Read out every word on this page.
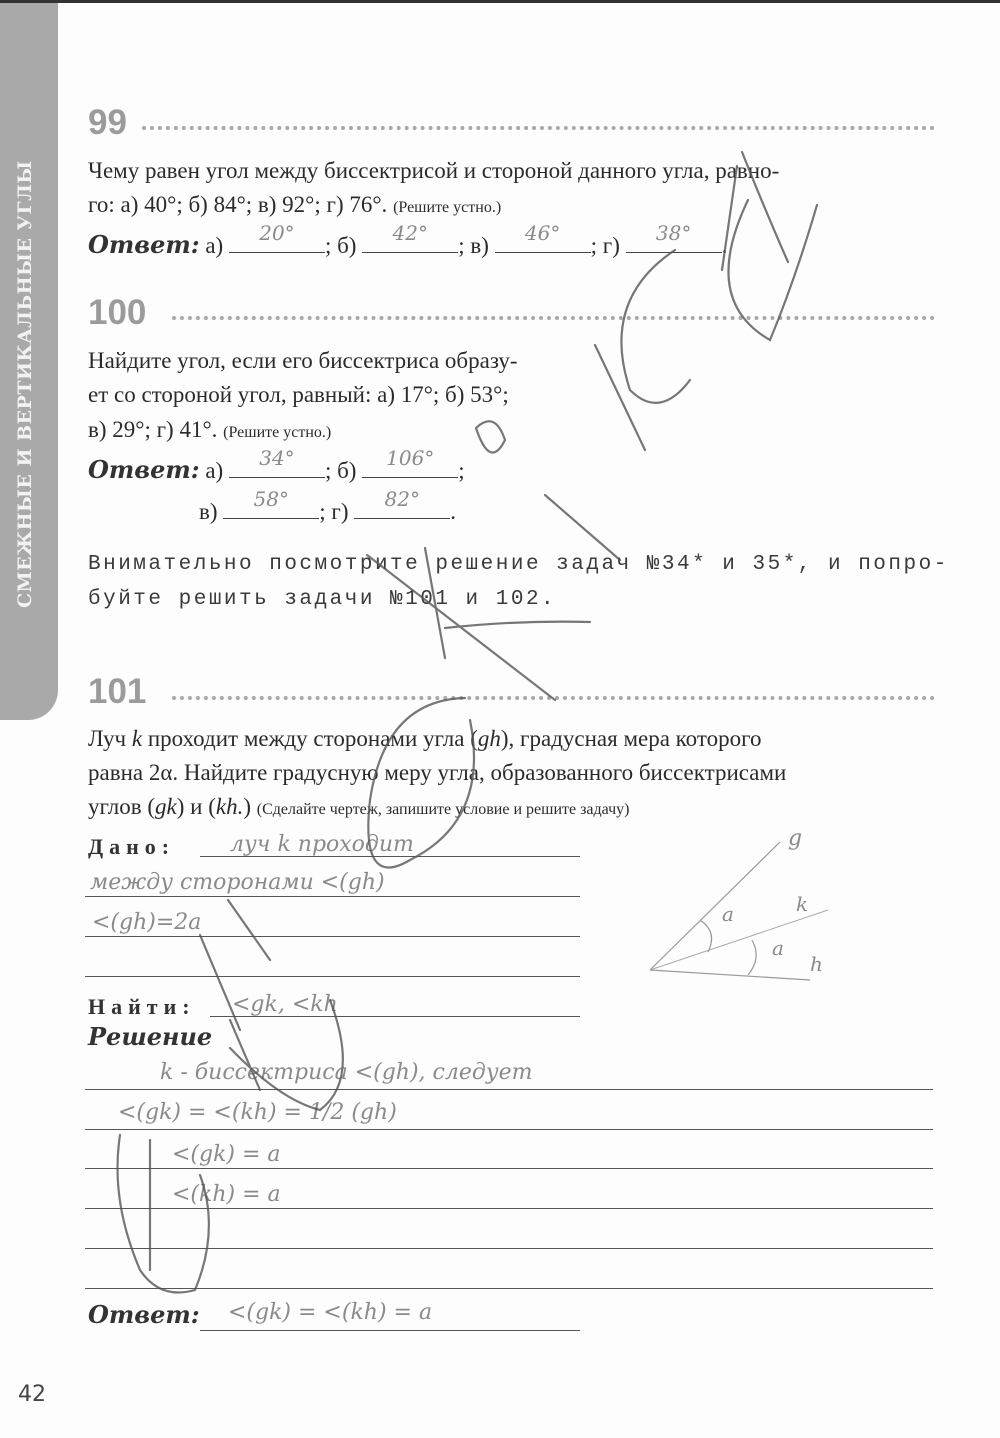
СМЕЖНЫЕ И ВЕРТИКАЛЬНЫЕ УГЛЫ
99
Чему равен угол между биссектрисой и стороной данного угла, равно-
го: а) 40°; б) 84°; в) 92°; г) 76°. (Решите устно.)
Ответ: а)	20°	; б)	42°	; в)	46°	; г)	38°	.
100
Найдите угол, если его биссектриса образу-
ет со стороной угол, равный: а) 17°; б) 53°;
в) 29°; г) 41°. (Решите устно.)
Ответ: а)	34°	; б)	106°	;
в)	58°	; г)	82°	.
Внимательно посмотрите решение задач №34* и 35*, и попро-
буйте решить задачи №101 и 102.
101
Луч k проходит между сторонами угла (gh), градусная мера которого
равна 2α. Найдите градусную меру угла, образованного биссектрисами
углов (gk) и (kh.) (Сделайте чертеж, запишите условие и решите задачу)
Дано: луч k проходит
между сторонами <(gh)
<(gh)=2a
Найти: <gk, <kh
Решение
k - биссектриса <(gh), следует
<(gk) = <(kh) = 1/2 (gh)
<(gk) = a
<(kh) = a
Ответ: <(gk) = <(kh) = a
g
k
h
a
a
42
